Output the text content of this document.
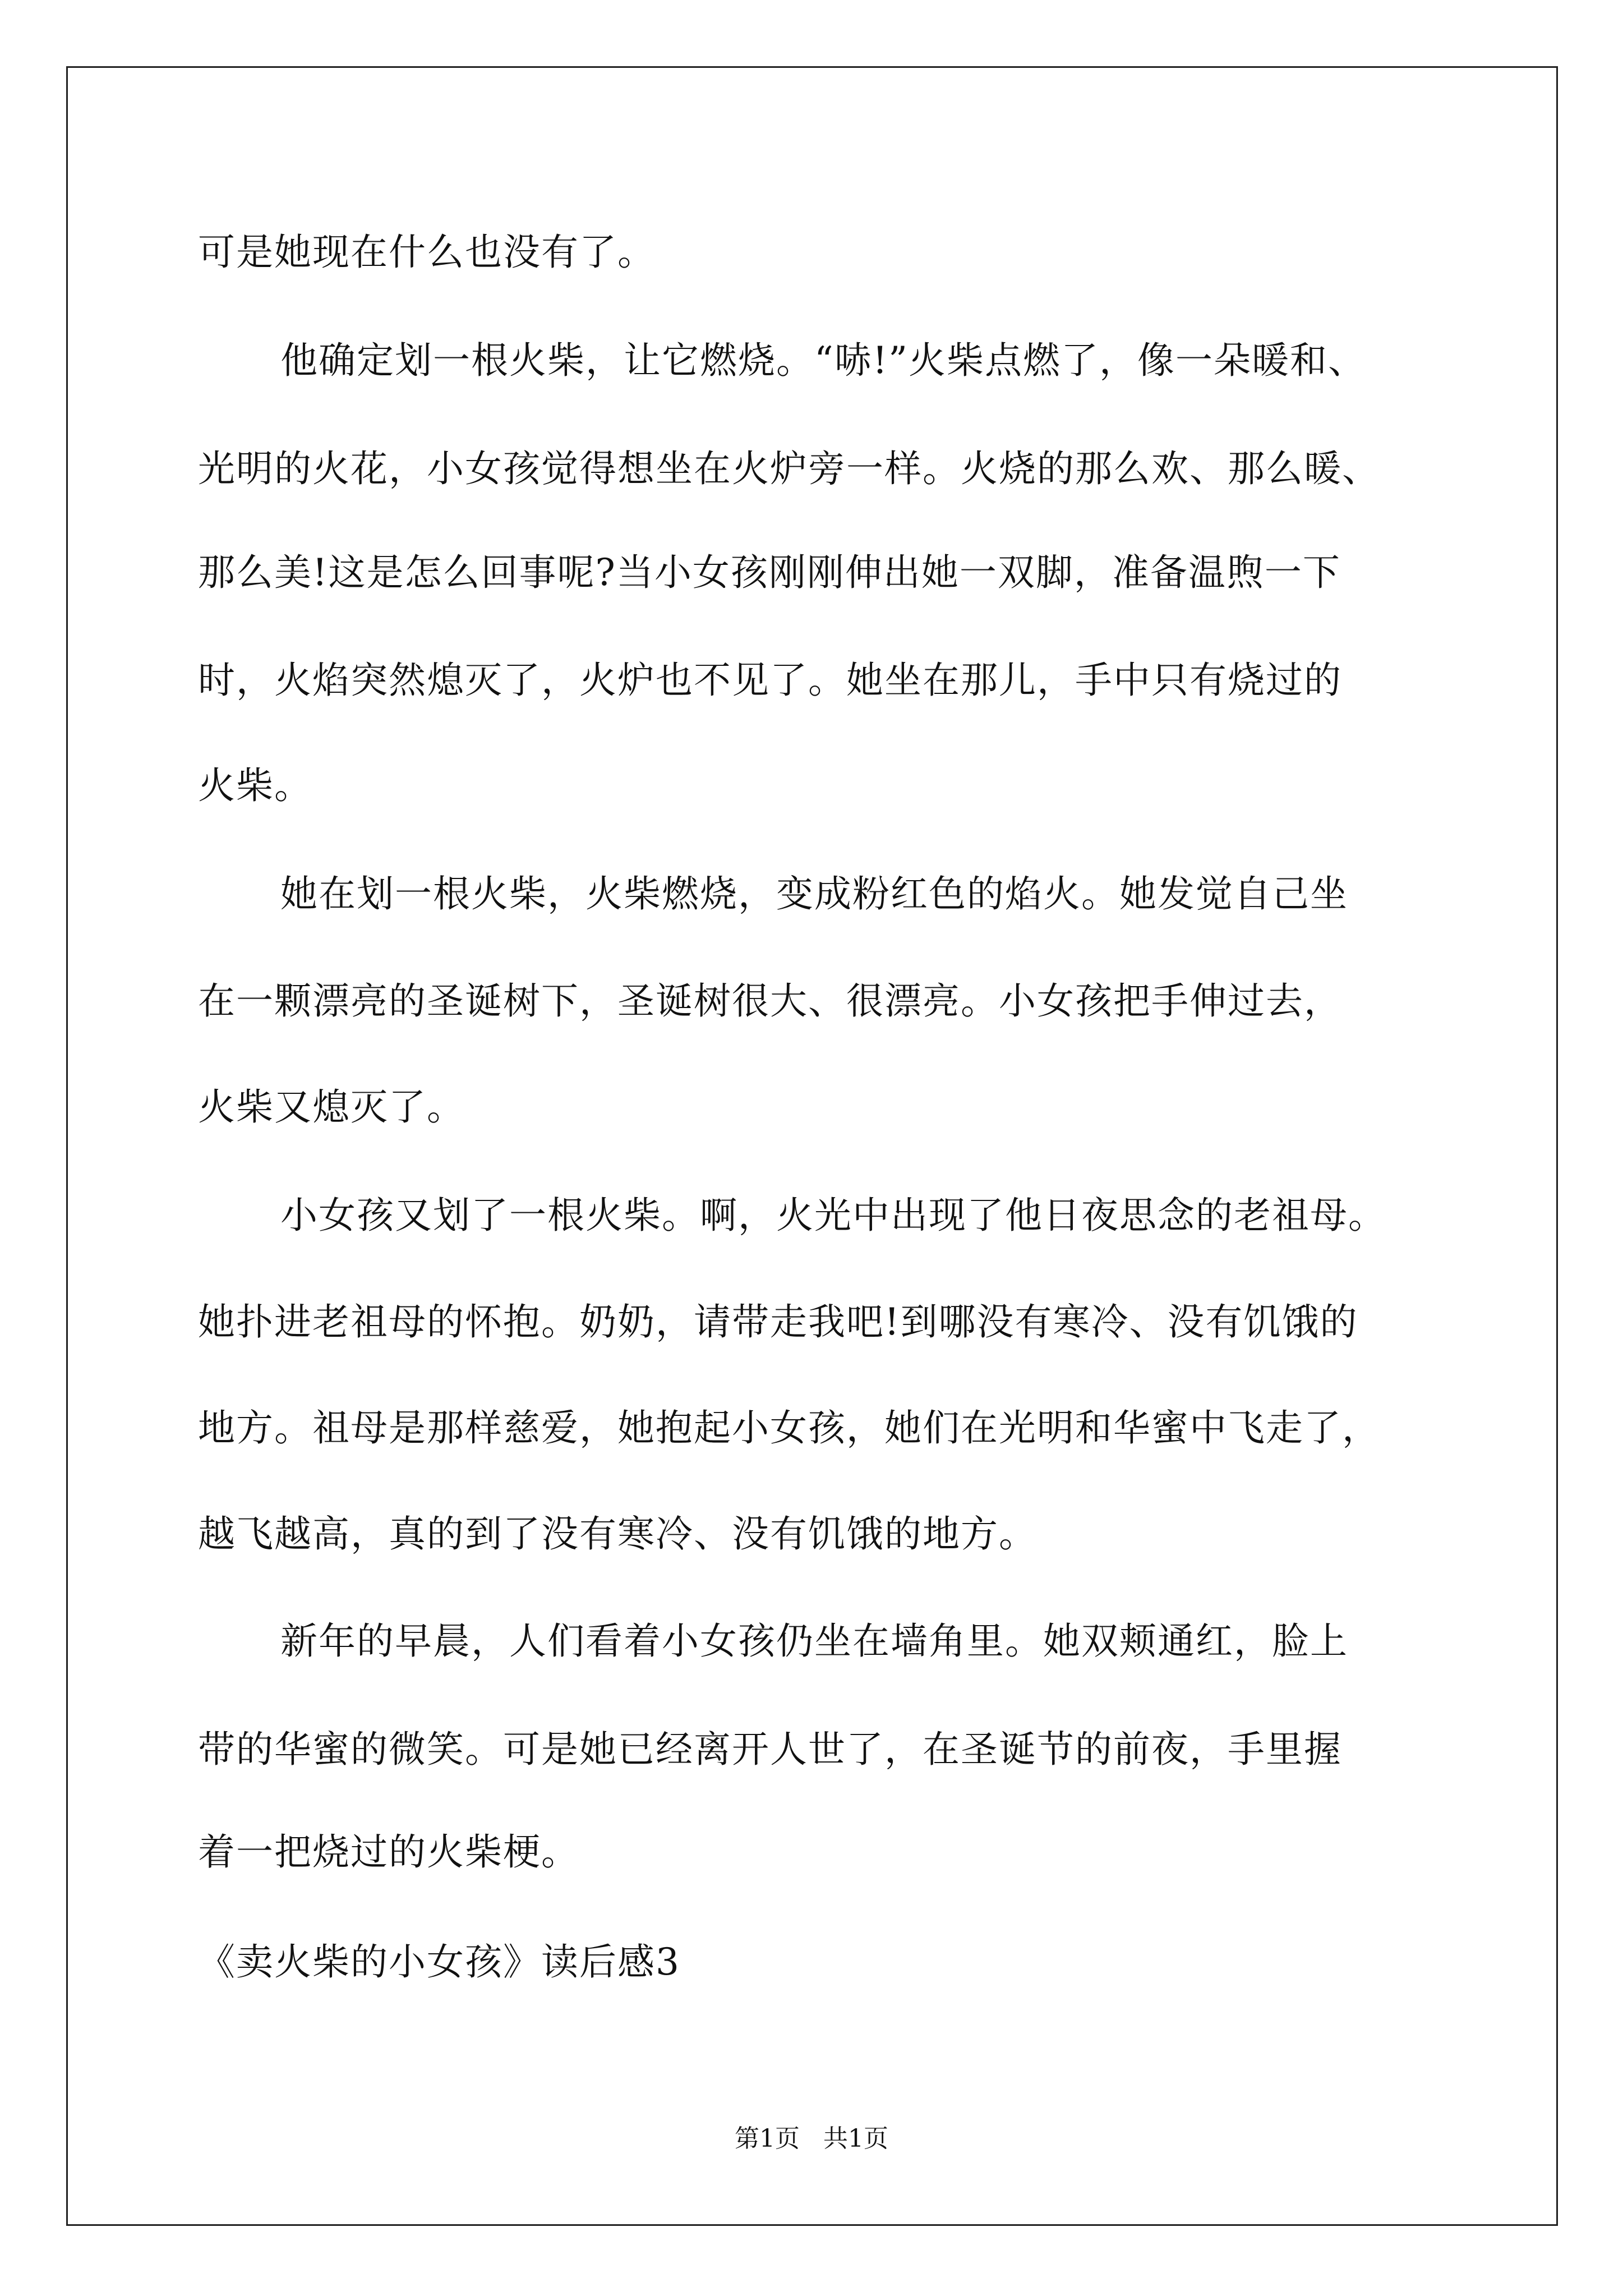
可是她现在什么也没有了。
他确定划一根火柴，让它燃烧。“哧!”火柴点燃了，像一朵暖和、
光明的火花，小女孩觉得想坐在火炉旁一样。火烧的那么欢、那么暖、
那么美!这是怎么回事呢?当小女孩刚刚伸出她一双脚，准备温煦一下
时，火焰突然熄灭了，火炉也不见了。她坐在那儿，手中只有烧过的
火柴。
她在划一根火柴，火柴燃烧，变成粉红色的焰火。她发觉自己坐
在一颗漂亮的圣诞树下，圣诞树很大、很漂亮。小女孩把手伸过去，
火柴又熄灭了。
小女孩又划了一根火柴。啊，火光中出现了他日夜思念的老祖母。
她扑进老祖母的怀抱。奶奶，请带走我吧!到哪没有寒冷、没有饥饿的
地方。祖母是那样慈爱，她抱起小女孩，她们在光明和华蜜中飞走了，
越飞越高，真的到了没有寒冷、没有饥饿的地方。
新年的早晨，人们看着小女孩仍坐在墙角里。她双颊通红，脸上
带的华蜜的微笑。可是她已经离开人世了，在圣诞节的前夜，手里握
着一把烧过的火柴梗。
《卖火柴的小女孩》读后感3
第1页   共1页
